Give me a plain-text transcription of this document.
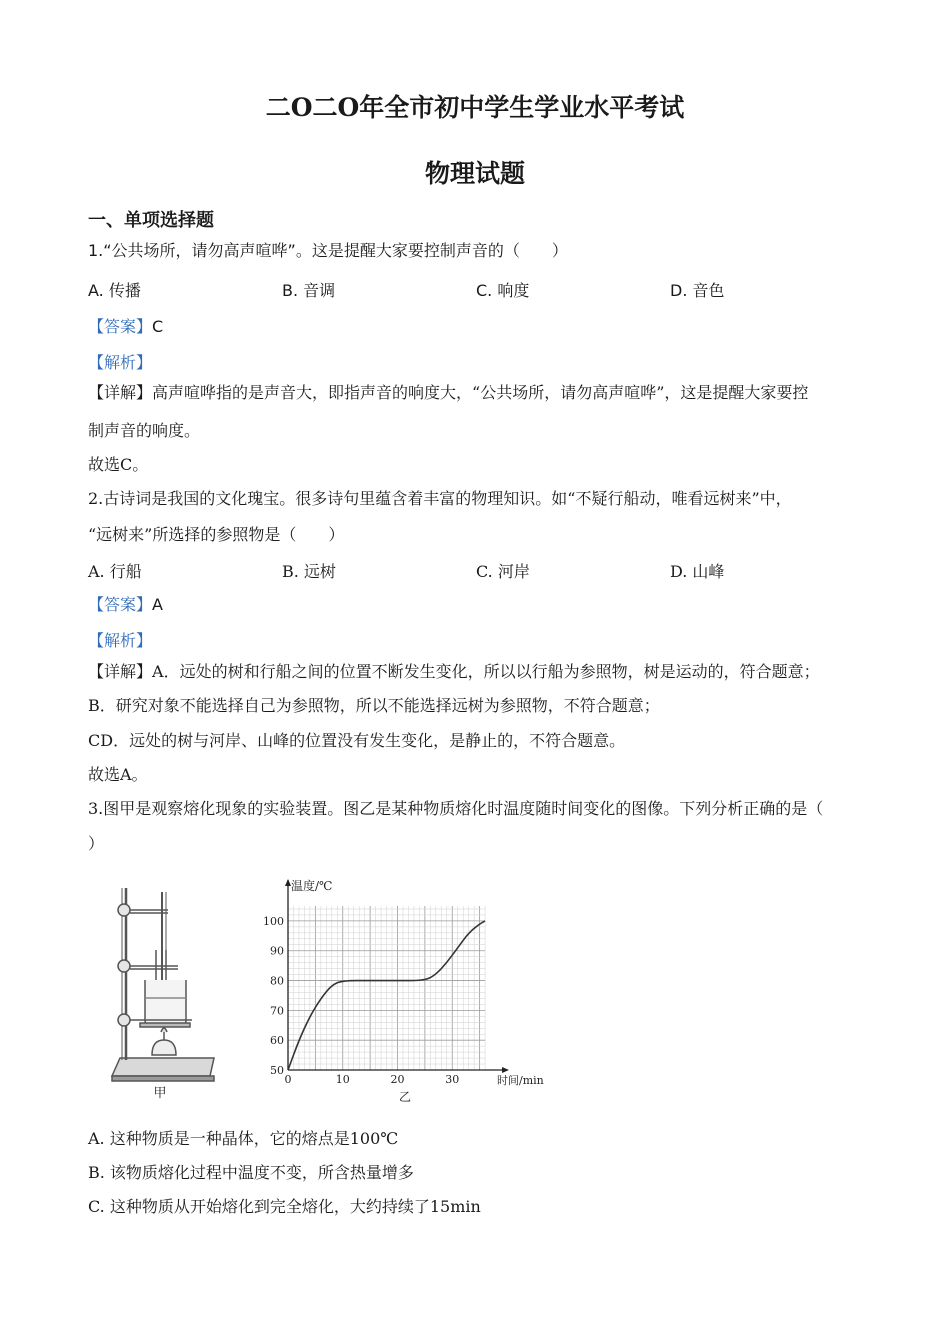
二O二O年全市初中学生学业水平考试
物理试题
一、单项选择题
1.“公共场所，请勿高声喧哗”。这是提醒大家要控制声音的（　　）
A. 传播	B. 音调	C. 响度	D. 音色
【答案】C
【解析】
【详解】高声喧哗指的是声音大，即指声音的响度大，“公共场所，请勿高声喧哗”，这是提醒大家要控
制声音的响度。
故选C。
2.古诗词是我国的文化瑰宝。很多诗句里蕴含着丰富的物理知识。如“不疑行船动，唯看远树来”中，
“远树来”所选择的参照物是（　　）
A. 行船	B. 远树	C. 河岸	D. 山峰
【答案】A
【解析】
【详解】A．远处的树和行船之间的位置不断发生变化，所以以行船为参照物，树是运动的，符合题意；
B．研究对象不能选择自己为参照物，所以不能选择远树为参照物，不符合题意；
CD．远处的树与河岸、山峰的位置没有发生变化，是静止的，不符合题意。
故选A。
3.图甲是观察熔化现象的实验装置。图乙是某种物质熔化时温度随时间变化的图像。下列分析正确的是（
）
甲
0	10	20	30
50
60
70
80
90
100
温度/℃
时间/min
乙
A. 这种物质是一种晶体，它的熔点是100℃
B. 该物质熔化过程中温度不变，所含热量增多
C. 这种物质从开始熔化到完全熔化，大约持续了15min
